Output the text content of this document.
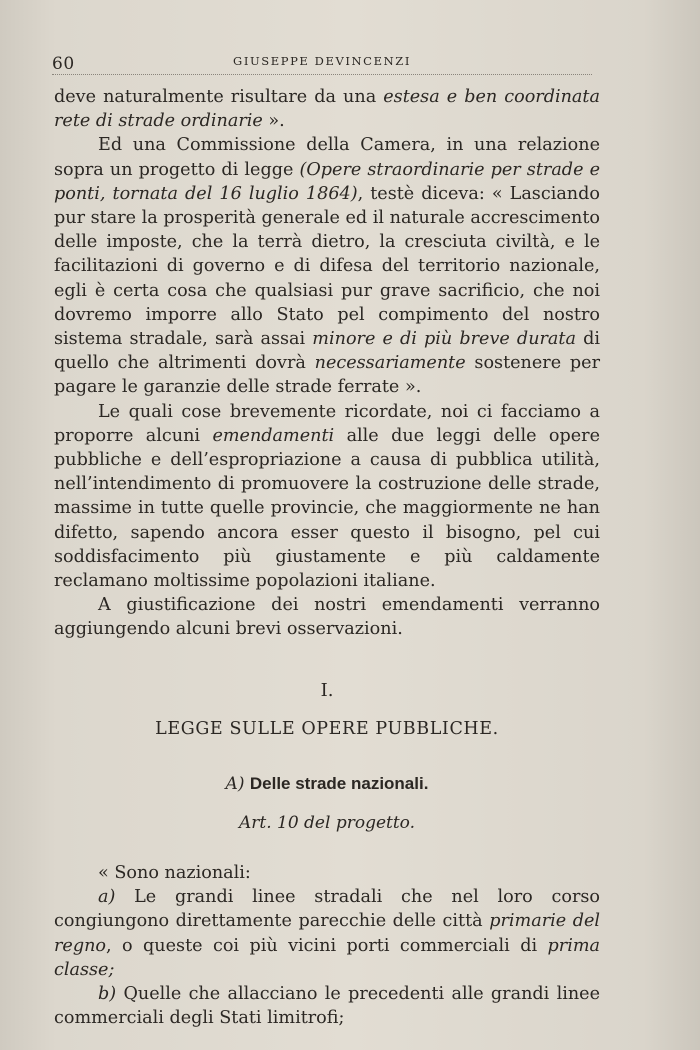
60	GIUSEPPE DEVINCENZI

deve naturalmente risultare da una estesa e ben coordinata rete di strade ordinarie ».

Ed una Commissione della Camera, in una relazione sopra un progetto di legge (Opere straordinarie per strade e ponti, tornata del 16 luglio 1864), testè diceva: « Lasciando pur stare la prosperità generale ed il naturale accrescimento delle imposte, che la terrà dietro, la cresciuta civiltà, e le facilitazioni di governo e di difesa del territorio nazionale, egli è certa cosa che qualsiasi pur grave sacrificio, che noi dovremo imporre allo Stato pel compimento del nostro sistema stradale, sarà assai minore e di più breve durata di quello che altrimenti dovrà necessariamente sostenere per pagare le garanzie delle strade ferrate ».

Le quali cose brevemente ricordate, noi ci facciamo a proporre alcuni emendamenti alle due leggi delle opere pubbliche e dell’espropriazione a causa di pubblica utilità, nell’intendimento di promuovere la costruzione delle strade, massime in tutte quelle provincie, che maggiormente ne han difetto, sapendo ancora esser questo il bisogno, pel cui soddisfacimento più giustamente e più caldamente reclamano moltissime popolazioni italiane.

A giustificazione dei nostri emendamenti verranno aggiungendo alcuni brevi osservazioni.

I.
LEGGE SULLE OPERE PUBBLICHE.
A) Delle strade nazionali.
Art. 10 del progetto.

« Sono nazionali:

a) Le grandi linee stradali che nel loro corso congiungono direttamente parecchie delle città primarie del regno, o queste coi più vicini porti commerciali di prima classe;

b) Quelle che allacciano le precedenti alle grandi linee commerciali degli Stati limitrofi;
